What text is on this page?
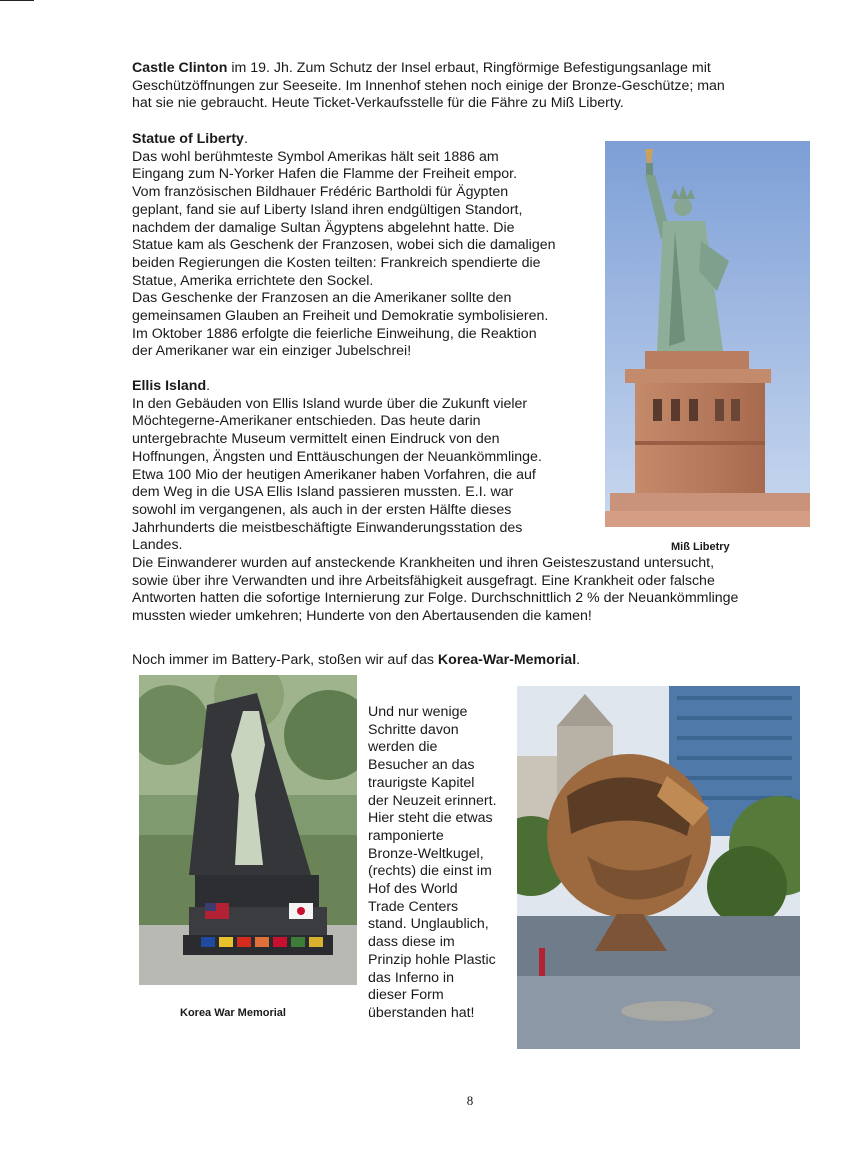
Castle Clinton im 19. Jh. Zum Schutz der Insel erbaut, Ringförmige Befestigungsanlage mit
Geschützöffnungen zur Seeseite. Im Innenhof stehen noch einige der Bronze-Geschütze; man
hat sie nie gebraucht. Heute Ticket-Verkaufsstelle für die Fähre zu Miß Liberty.
Statue of Liberty.
Das wohl berühmteste Symbol Amerikas hält seit 1886 am
Eingang zum N-Yorker Hafen die Flamme der Freiheit empor.
Vom französischen Bildhauer Frédéric Bartholdi für Ägypten
geplant, fand sie auf Liberty Island ihren endgültigen Standort,
nachdem der damalige Sultan Ägyptens abgelehnt hatte. Die
Statue kam als Geschenk der Franzosen, wobei sich die damaligen
beiden Regierungen die Kosten teilten: Frankreich spendierte die
Statue, Amerika errichtete den Sockel.
Das Geschenke der Franzosen an die Amerikaner sollte den
gemeinsamen Glauben an Freiheit und Demokratie symbolisieren.
Im Oktober 1886 erfolgte die feierliche Einweihung, die Reaktion
der Amerikaner war ein einziger Jubelschrei!
Miß Libetry
Ellis Island.
In den Gebäuden von Ellis Island wurde über die Zukunft vieler
Möchtegerne-Amerikaner entschieden. Das heute darin
untergebrachte Museum vermittelt einen Eindruck von den
Hoffnungen, Ängsten und Enttäuschungen der Neuankömmlinge.
Etwa 100 Mio der heutigen Amerikaner haben Vorfahren, die auf
dem Weg in die USA Ellis Island passieren mussten. E.I. war
sowohl im vergangenen, als auch in der ersten Hälfte dieses
Jahrhunderts die meistbeschäftigte Einwanderungsstation des
Landes.
Die Einwanderer wurden auf ansteckende Krankheiten und ihren Geisteszustand untersucht,
sowie über ihre Verwandten und ihre Arbeitsfähigkeit ausgefragt. Eine Krankheit oder falsche
Antworten hatten die sofortige Internierung zur Folge. Durchschnittlich 2 % der Neuankömmlinge
mussten wieder umkehren; Hunderte von den Abertausenden die kamen!
Noch immer im Battery-Park, stoßen wir auf das Korea-War-Memorial.
Korea War Memorial
Und nur wenige
Schritte davon
werden die
Besucher an das
traurigste Kapitel
der Neuzeit erinnert.
Hier steht die etwas
ramponierte
Bronze-Weltkugel,
(rechts) die einst im
Hof des World
Trade Centers
stand. Unglaublich,
dass diese im
Prinzip hohle Plastic
das Inferno in
dieser Form
überstanden hat!
8
